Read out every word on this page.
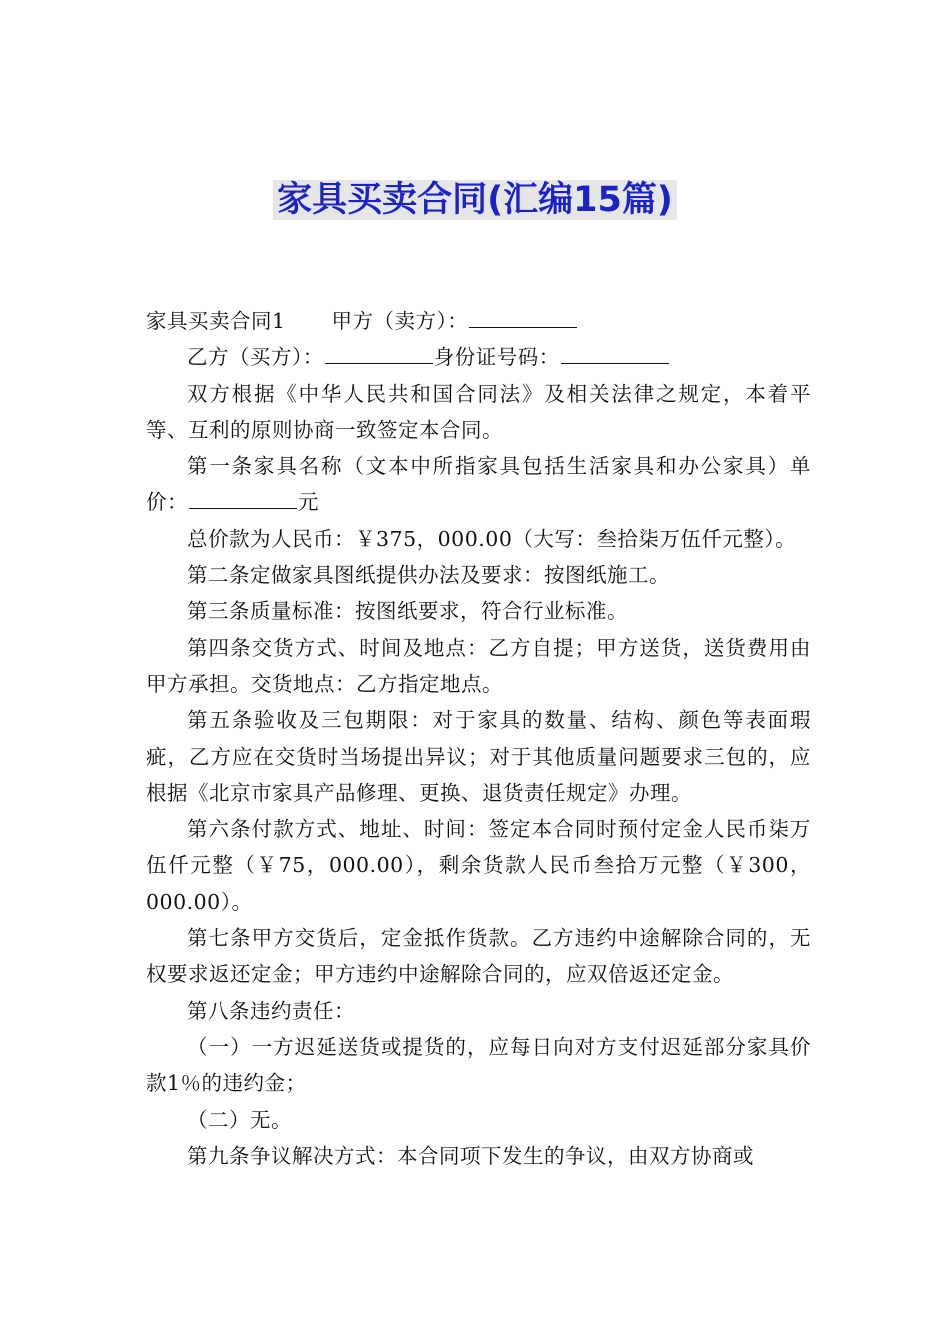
家具买卖合同(汇编15篇)

家具买卖合同1 甲方（卖方）：

乙方（买方）：	身份证号码：

双方根据《中华人民共和国合同法》及相关法律之规定，本着平等、互利的原则协商一致签定本合同。

第一条家具名称（文本中所指家具包括生活家具和办公家具）单价：	元

总价款为人民币：￥375，000.00（大写：叁拾柒万伍仟元整）。

第二条定做家具图纸提供办法及要求：按图纸施工。

第三条质量标准：按图纸要求，符合行业标准。

第四条交货方式、时间及地点：乙方自提；甲方送货，送货费用由甲方承担。交货地点：乙方指定地点。

第五条验收及三包期限：对于家具的数量、结构、颜色等表面瑕疵，乙方应在交货时当场提出异议；对于其他质量问题要求三包的，应根据《北京市家具产品修理、更换、退货责任规定》办理。

第六条付款方式、地址、时间：签定本合同时预付定金人民币柒万伍仟元整（￥75，000.00），剩余货款人民币叁拾万元整（￥300，000.00）。

第七条甲方交货后，定金抵作货款。乙方违约中途解除合同的，无权要求返还定金；甲方违约中途解除合同的，应双倍返还定金。

第八条违约责任：

（一）一方迟延送货或提货的，应每日向对方支付迟延部分家具价款1％的违约金；

（二）无。

第九条争议解决方式：本合同项下发生的争议，由双方协商或
